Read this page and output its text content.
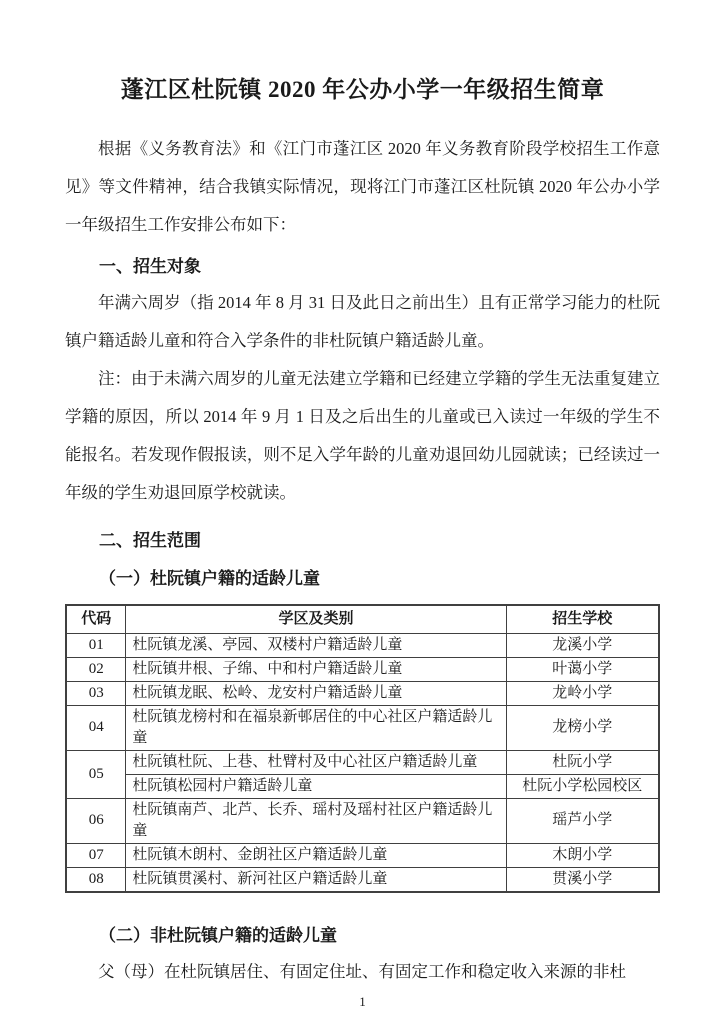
蓬江区杜阮镇 2020 年公办小学一年级招生简章

根据《义务教育法》和《江门市蓬江区 2020 年义务教育阶段学校招生工作意见》等文件精神，结合我镇实际情况，现将江门市蓬江区杜阮镇 2020 年公办小学一年级招生工作安排公布如下：

一、招生对象

年满六周岁（指 2014 年 8 月 31 日及此日之前出生）且有正常学习能力的杜阮镇户籍适龄儿童和符合入学条件的非杜阮镇户籍适龄儿童。

注：由于未满六周岁的儿童无法建立学籍和已经建立学籍的学生无法重复建立学籍的原因，所以 2014 年 9 月 1 日及之后出生的儿童或已入读过一年级的学生不能报名。若发现作假报读，则不足入学年龄的儿童劝退回幼儿园就读；已经读过一年级的学生劝退回原学校就读。

二、招生范围
（一）杜阮镇户籍的适龄儿童
代码	学区及类别	招生学校
01	杜阮镇龙溪、亭园、双楼村户籍适龄儿童	龙溪小学
02	杜阮镇井根、子绵、中和村户籍适龄儿童	叶蔼小学
03	杜阮镇龙眠、松岭、龙安村户籍适龄儿童	龙岭小学
04	杜阮镇龙榜村和在福泉新邨居住的中心社区户籍适龄儿童	龙榜小学
05	杜阮镇杜阮、上巷、杜臂村及中心社区户籍适龄儿童	杜阮小学
	杜阮镇松园村户籍适龄儿童	杜阮小学松园校区
06	杜阮镇南芦、北芦、长乔、瑶村及瑶村社区户籍适龄儿童	瑶芦小学
07	杜阮镇木朗村、金朗社区户籍适龄儿童	木朗小学
08	杜阮镇贯溪村、新河社区户籍适龄儿童	贯溪小学
（二）非杜阮镇户籍的适龄儿童

父（母）在杜阮镇居住、有固定住址、有固定工作和稳定收入来源的非杜

1
